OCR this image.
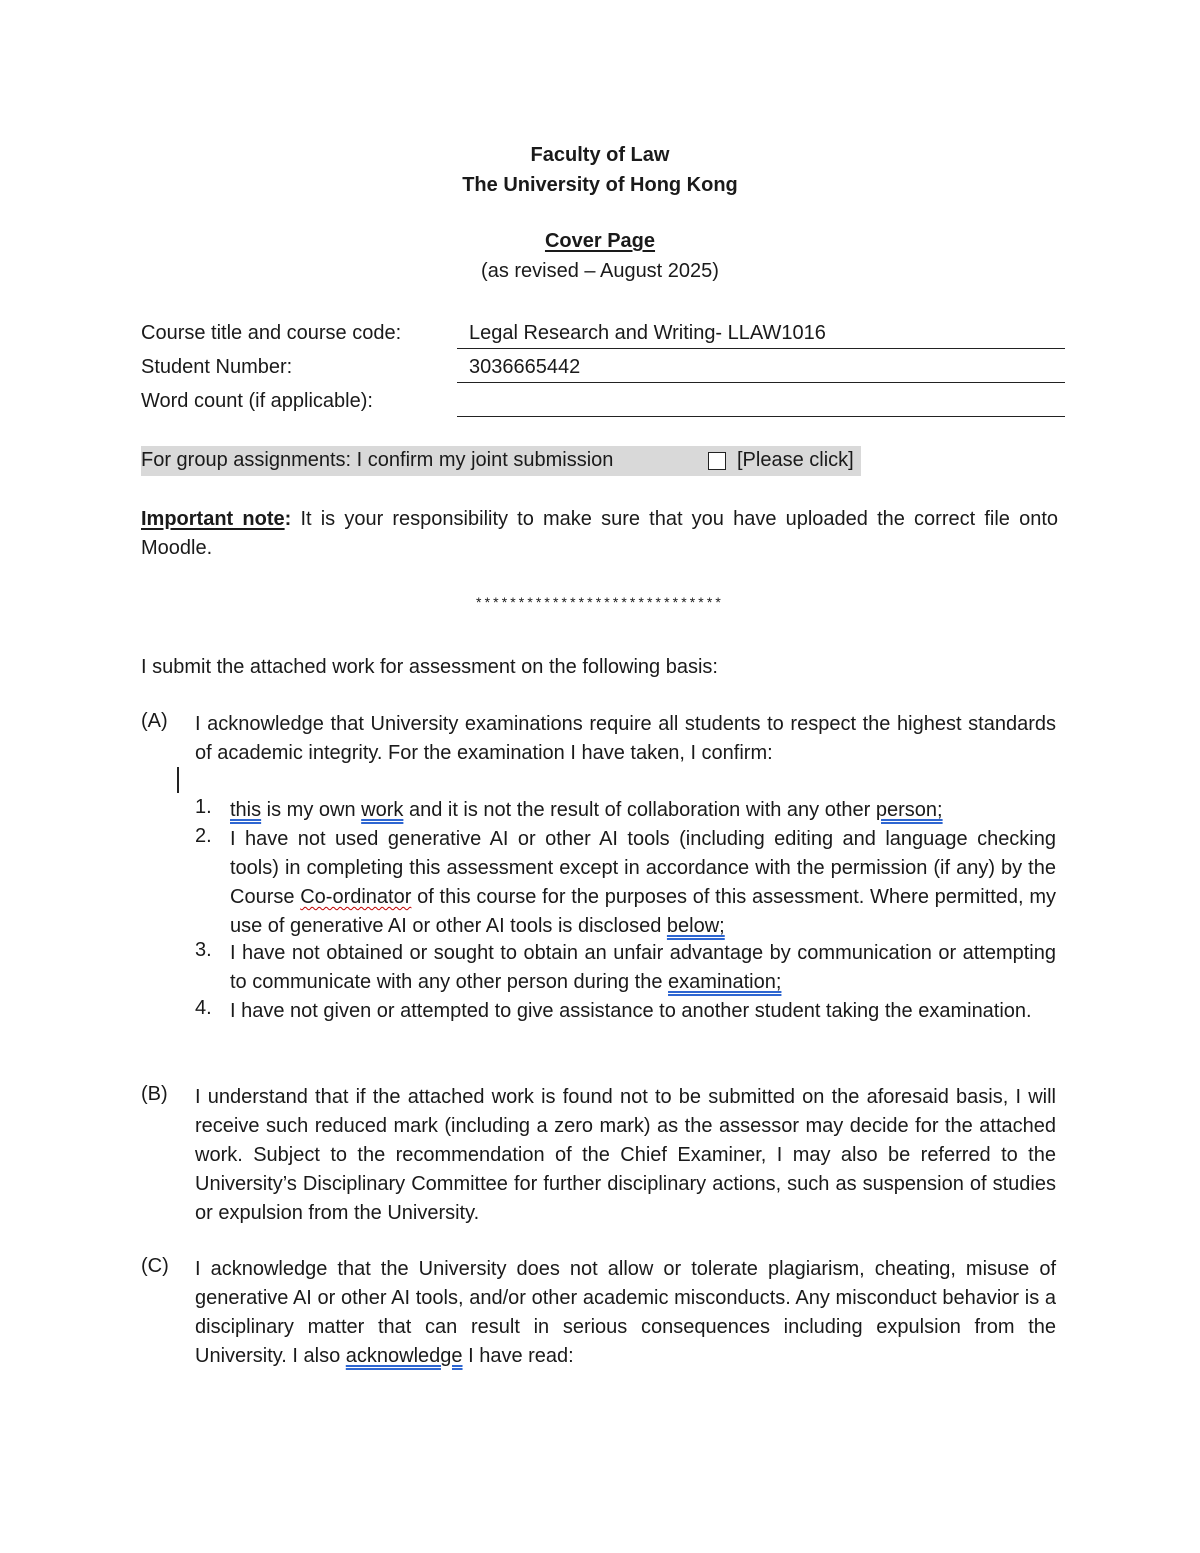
Faculty of Law
The University of Hong Kong
Cover Page
(as revised – August 2025)
Course title and course code:	Legal Research and Writing- LLAW1016
Student Number:	3036665442
Word count (if applicable):
For group assignments: I confirm my joint submission	[Please click]
Important note: It is your responsibility to make sure that you have uploaded the correct file onto Moodle.
*****************************
I submit the attached work for assessment on the following basis:
(A) I acknowledge that University examinations require all students to respect the highest standards of academic integrity. For the examination I have taken, I confirm:
1. this is my own work and it is not the result of collaboration with any other person;
2. I have not used generative AI or other AI tools (including editing and language checking tools) in completing this assessment except in accordance with the permission (if any) by the Course Co-ordinator of this course for the purposes of this assessment. Where permitted, my use of generative AI or other AI tools is disclosed below;
3. I have not obtained or sought to obtain an unfair advantage by communication or attempting to communicate with any other person during the examination;
4. I have not given or attempted to give assistance to another student taking the examination.
(B) I understand that if the attached work is found not to be submitted on the aforesaid basis, I will receive such reduced mark (including a zero mark) as the assessor may decide for the attached work. Subject to the recommendation of the Chief Examiner, I may also be referred to the University’s Disciplinary Committee for further disciplinary actions, such as suspension of studies or expulsion from the University.
(C) I acknowledge that the University does not allow or tolerate plagiarism, cheating, misuse of generative AI or other AI tools, and/or other academic misconducts. Any misconduct behavior is a disciplinary matter that can result in serious consequences including expulsion from the University. I also acknowledge I have read:
